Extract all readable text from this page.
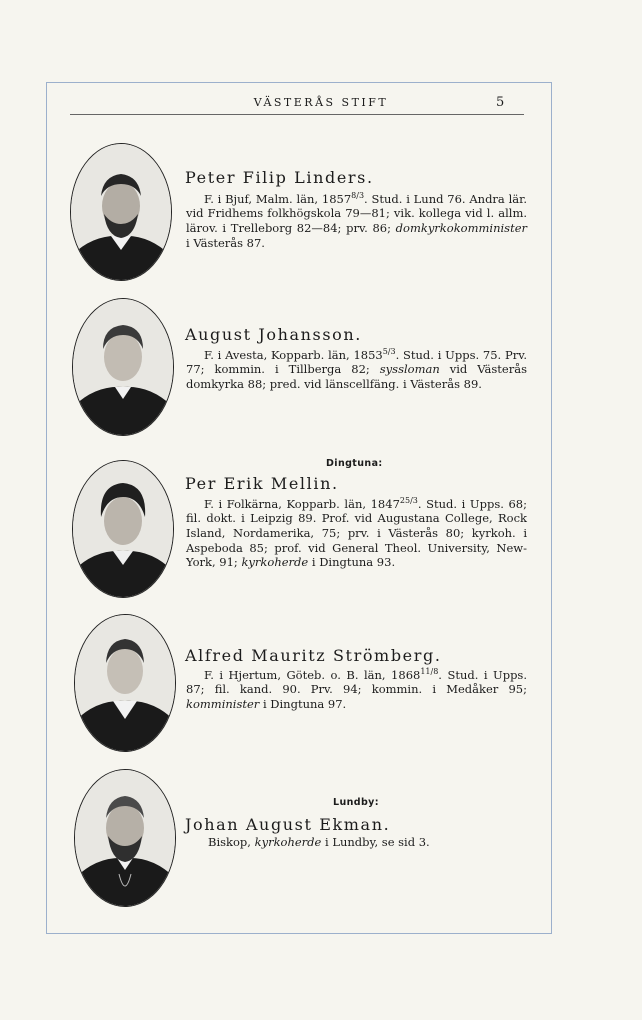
VÄSTERÅS STIFT	5
Peter Filip Linders.
F. i Bjuf, Malm. län, $1857^{8/3}$. Stud. i Lund 76. Andra lär. vid Fridhems folkhögskola 79—81; vik. kollega vid l. allm. lärov. i Trelleborg 82—84; prv. 86; domkyrkokomminister i Västerås 87.
August Johansson.
F. i Avesta, Kopparb. län, $1853^{5/3}$. Stud. i Upps. 75. Prv. 77; kommin. i Tillberga 82; syssloman vid Västerås domkyrka 88; pred. vid länscellfäng. i Västerås 89.
Dingtuna:
Per Erik Mellin.
F. i Folkärna, Kopparb. län, $1847^{25/3}$. Stud. i Upps. 68; fil. dokt. i Leipzig 89. Prof. vid Augustana College, Rock Island, Nordamerika, 75; prv. i Västerås 80; kyrkoh. i Aspeboda 85; prof. vid General Theol. University, New-York, 91; kyrkoherde i Dingtuna 93.
Alfred Mauritz Strömberg.
F. i Hjertum, Göteb. o. B. län, $1868^{11/8}$. Stud. i Upps. 87; fil. kand. 90. Prv. 94; kommin. i Medåker 95; komminister i Dingtuna 97.
Lundby:
Johan August Ekman.
Biskop, kyrkoherde i Lundby, se sid 3.
